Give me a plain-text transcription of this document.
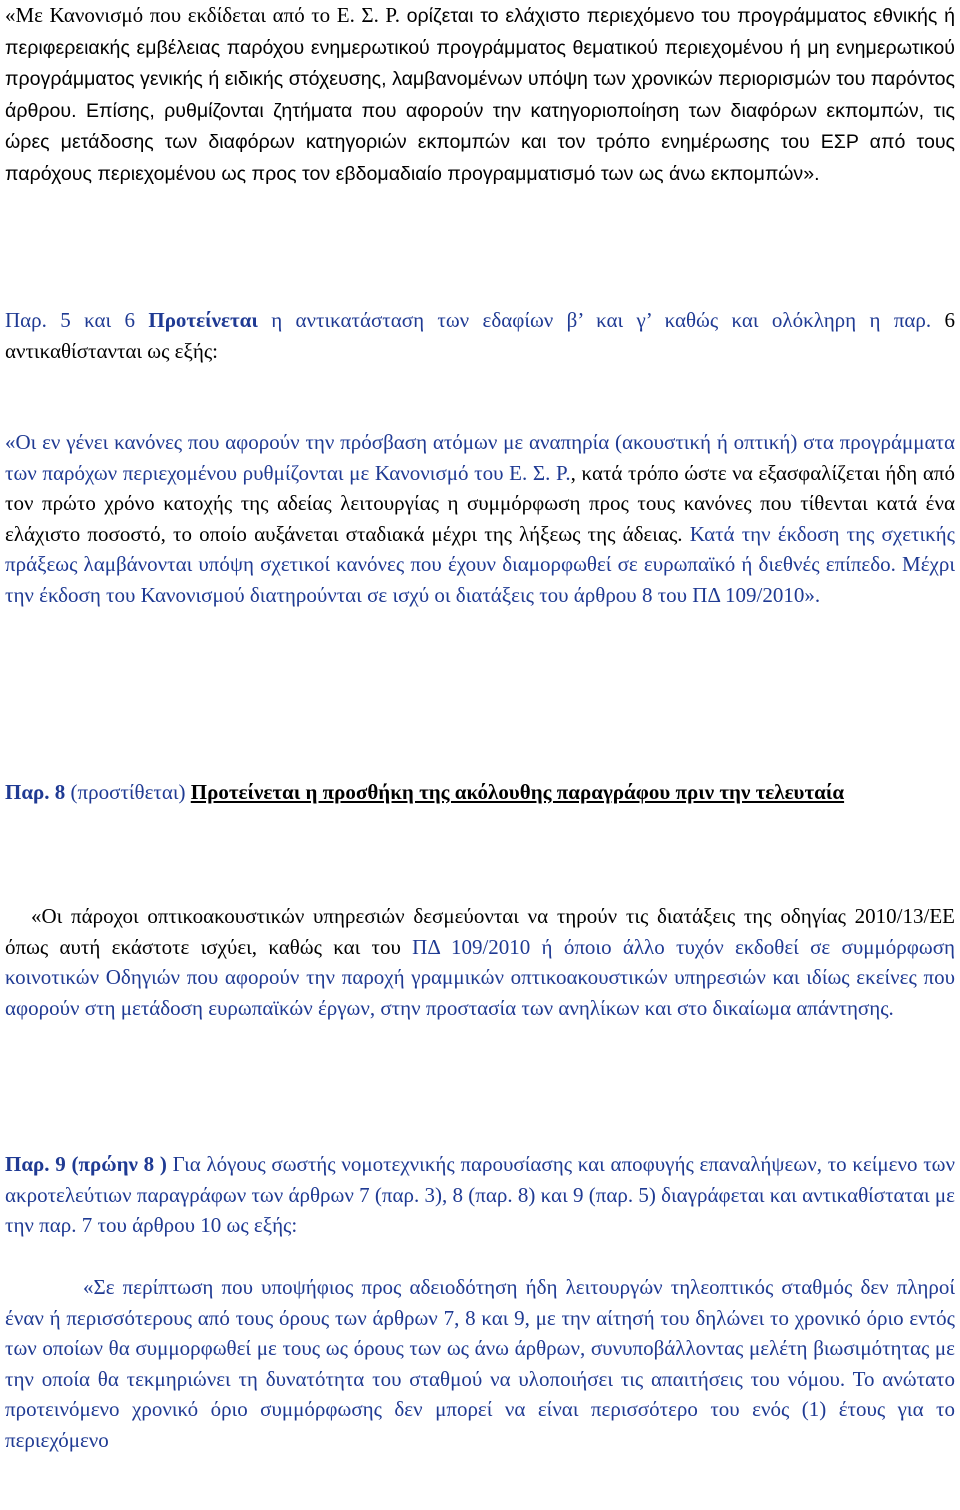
«Με Κανονισμό που εκδίδεται από το Ε. Σ. Ρ. ορίζεται το ελάχιστο περιεχόμενο του προγράμματος εθνικής ή περιφερειακής εμβέλειας παρόχου ενημερωτικού προγράμματος θεματικού περιεχομένου ή μη ενημερωτικού προγράμματος γενικής ή ειδικής στόχευσης, λαμβανομένων υπόψη των χρονικών περιορισμών του παρόντος άρθρου. Επίσης, ρυθμίζονται ζητήματα που αφορούν την κατηγοριοποίηση των διαφόρων εκπομπών, τις ώρες μετάδοσης των διαφόρων κατηγοριών εκπομπών και τον τρόπο ενημέρωσης του ΕΣΡ από τους παρόχους περιεχομένου ως προς τον εβδομαδιαίο προγραμματισμό των ως άνω εκπομπών».

Παρ. 5 και 6 Προτείνεται η αντικατάσταση των εδαφίων β’ και γ’ καθώς και ολόκληρη η παρ. 6 αντικαθίστανται ως εξής:

«Οι εν γένει κανόνες που αφορούν την πρόσβαση ατόμων με αναπηρία (ακουστική ή οπτική) στα προγράμματα των παρόχων περιεχομένου ρυθμίζονται με Κανονισμό του Ε. Σ. Ρ., κατά τρόπο ώστε να εξασφαλίζεται ήδη από τον πρώτο χρόνο κατοχής της αδείας λειτουργίας η συμμόρφωση προς τους κανόνες που τίθενται κατά ένα ελάχιστο ποσοστό, το οποίο αυξάνεται σταδιακά μέχρι της λήξεως της άδειας. Κατά την έκδοση της σχετικής πράξεως λαμβάνονται υπόψη σχετικοί κανόνες που έχουν διαμορφωθεί σε ευρωπαϊκό ή διεθνές επίπεδο. Μέχρι την έκδοση του Κανονισμού διατηρούνται σε ισχύ οι διατάξεις του άρθρου 8 του ΠΔ 109/2010».

Παρ. 8 (προστίθεται) Προτείνεται η προσθήκη της ακόλουθης παραγράφου πριν την τελευταία

«Οι πάροχοι οπτικοακουστικών υπηρεσιών δεσμεύονται να τηρούν τις διατάξεις της οδηγίας 2010/13/ΕΕ όπως αυτή εκάστοτε ισχύει, καθώς και του ΠΔ 109/2010 ή όποιο άλλο τυχόν εκδοθεί σε συμμόρφωση κοινοτικών Οδηγιών που αφορούν την παροχή γραμμικών οπτικοακουστικών υπηρεσιών και ιδίως εκείνες που αφορούν στη μετάδοση ευρωπαϊκών έργων, στην προστασία των ανηλίκων και στο δικαίωμα απάντησης.

Παρ. 9 (πρώην 8 ) Για λόγους σωστής νομοτεχνικής παρουσίασης και αποφυγής επαναλήψεων, το κείμενο των ακροτελεύτιων παραγράφων των άρθρων 7 (παρ. 3), 8 (παρ. 8) και 9 (παρ. 5) διαγράφεται και αντικαθίσταται με την παρ. 7 του άρθρου 10 ως εξής:

«Σε περίπτωση που υποψήφιος προς αδειοδότηση ήδη λειτουργών τηλεοπτικός σταθμός δεν πληροί έναν ή περισσότερους από τους όρους των άρθρων 7, 8 και 9, με την αίτησή του δηλώνει το χρονικό όριο εντός των οποίων θα συμμορφωθεί με τους ως όρους των ως άνω άρθρων, συνυποβάλλοντας μελέτη βιωσιμότητας με την οποία θα τεκμηριώνει τη δυνατότητα του σταθμού να υλοποιήσει τις απαιτήσεις του νόμου. Το ανώτατο προτεινόμενο χρονικό όριο συμμόρφωσης δεν μπορεί να είναι περισσότερο του ενός (1) έτους για το περιεχόμενο
